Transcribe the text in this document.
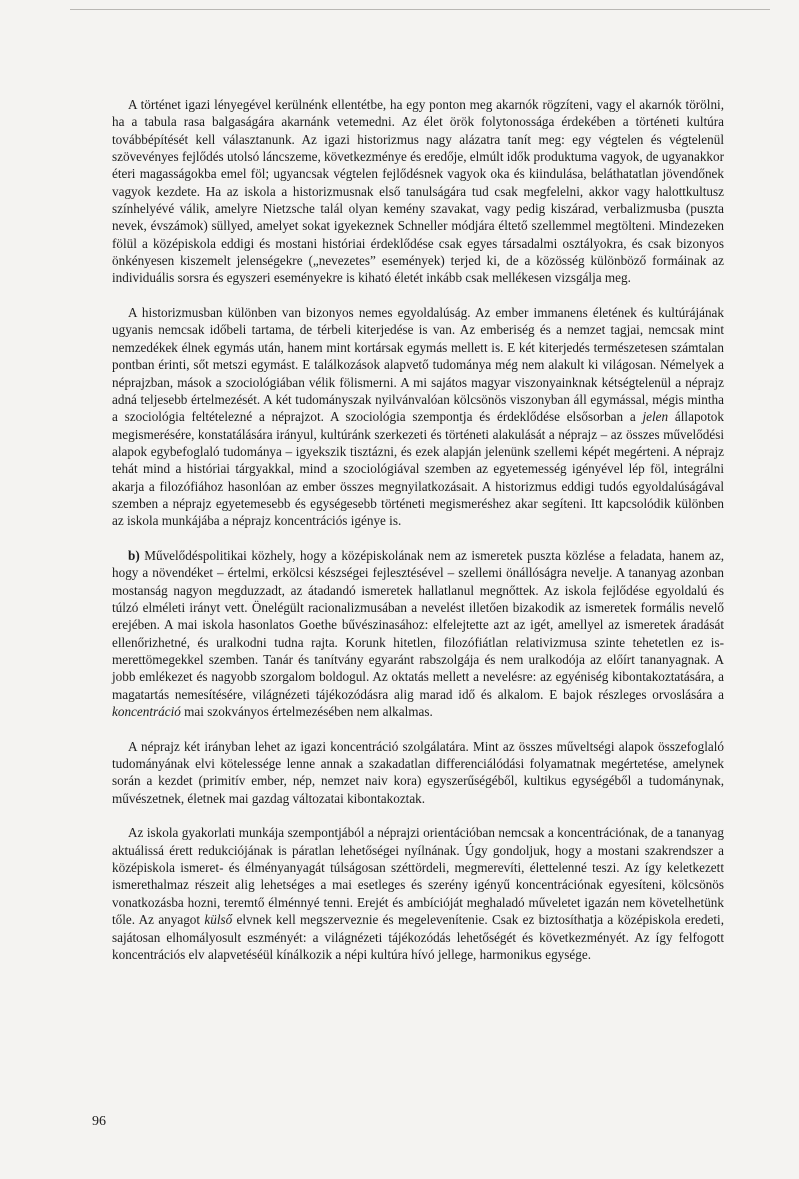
A történet igazi lényegével kerülnénk ellentétbe, ha egy ponton meg akarnók rögzíteni, vagy el akarnók törölni, ha a tabula rasa balgaságára akarnánk vetemedni. Az élet örök folytonossága érdekében a történeti kultúra továbbépítését kell választanunk. Az igazi historizmus nagy alázatra tanít meg: egy végtelen és végtelenül szövevényes fejlődés utolsó láncszeme, következménye és eredője, elmúlt idők produktuma vagyok, de ugyanakkor éteri magasságokba emel föl; ugyancsak végtelen fejlődésnek vagyok oka és kiindulása, beláthatatlan jövendőnek vagyok kezdete. Ha az iskola a historizmusnak első tanulságára tud csak megfelelni, akkor vagy halottkultusz színhelyévé válik, amelyre Nietzsche talál olyan kemény szavakat, vagy pedig kiszárad, verbalizmusba (puszta nevek, évszámok) süllyed, amelyet sokat igyekeznek Schneller módjára éltető szellemmel megtölteni. Mindezeken fölül a középiskola eddigi és mostani históriai érdeklődése csak egyes társadalmi osztályokra, és csak bizonyos önkényesen kiszemelt jelenségekre („nevezetes” események) terjed ki, de a közösség különböző formáinak az individuális sorsra és egyszeri eseményekre is kiható életét inkább csak mellékesen vizsgálja meg.

A historizmusban különben van bizonyos nemes egyoldalúság. Az ember immanens életének és kultúrájának ugyanis nemcsak időbeli tartama, de térbeli kiterjedése is van. Az emberiség és a nemzet tagjai, nemcsak mint nemzedékek élnek egymás után, hanem mint kortársak egymás mellett is. E két kiterjedés természetesen számtalan pontban érinti, sőt metszi egymást. E találkozások alapvető tudománya még nem alakult ki világosan. Némelyek a néprajzban, mások a szociológiában vélik fölismerni. A mi sajátos magyar viszonyainknak kétségtelenül a néprajz adná teljesebb értelmezését. A két tudományszak nyilvánvalóan kölcsönös viszonyban áll egymással, mégis mintha a szociológia feltételezné a néprajzot. A szociológia szempontja és érdeklődése elsősorban a jelen állapotok megismerésére, konstatálására irányul, kultúránk szerkezeti és történeti alakulását a néprajz – az összes művelődési alapok egybefoglaló tudománya – igyekszik tisztázni, és ezek alapján jelenünk szellemi képét megérteni. A néprajz tehát mind a históriai tárgyakkal, mind a szociológiával szemben az egyetemesség igényével lép föl, integrálni akarja a filozófiához hasonlóan az ember összes megnyilatkozásait. A historizmus eddigi tudós egyoldalúságával szemben a néprajz egyetemesebb és egységesebb történeti megismeréshez akar segíteni. Itt kapcsolódik különben az iskola munkájába a néprajz koncentrációs igénye is.

b) Művelődéspolitikai közhely, hogy a középiskolának nem az ismeretek puszta közlése a feladata, hanem az, hogy a növendéket – értelmi, erkölcsi készségei fejlesztésével – szellemi önállóságra nevelje. A tananyag azonban mostanság nagyon megduzzadt, az átadandó ismeretek hallatlanul megnőttek. Az iskola fejlődése egyoldalú és túlzó elméleti irányt vett. Önelégült racionalizmusában a nevelést illetően bizakodik az ismeretek formális nevelő erejében. A mai iskola hasonlatos Goethe bűvészinasához: elfelejtette azt az igét, amellyel az ismeretek áradását ellenőrizhetné, és uralkodni tudna rajta. Korunk hitetlen, filozófiátlan relativizmusa szinte tehetetlen ez ismerettömegekkel szemben. Tanár és tanítvány egyaránt rabszolgája és nem uralkodója az előírt tananyagnak. A jobb emlékezet és nagyobb szorgalom boldogul. Az oktatás mellett a nevelésre: az egyéniség kibontakoztatására, a magatartás nemesítésére, világnézeti tájékozódásra alig marad idő és alkalom. E bajok részleges orvoslására a koncentráció mai szokványos értelmezésében nem alkalmas.

A néprajz két irányban lehet az igazi koncentráció szolgálatára. Mint az összes műveltségi alapok összefoglaló tudományának elvi kötelessége lenne annak a szakadatlan differenciálódási folyamatnak megértetése, amelynek során a kezdet (primitív ember, nép, nemzet naiv kora) egyszerűségéből, kultikus egységéből a tudománynak, művészetnek, életnek mai gazdag változatai kibontakoztak.

Az iskola gyakorlati munkája szempontjából a néprajzi orientációban nemcsak a koncentrációnak, de a tananyag aktuálissá érett redukciójának is páratlan lehetőségei nyílnának. Úgy gondoljuk, hogy a mostani szakrendszer a középiskola ismeret- és élményanyagát túlságosan széttördeli, megmerevíti, élettelenné teszi. Az így keletkezett ismerethalmaz részeit alig lehetséges a mai esetleges és szerény igényű koncentrációnak egyesíteni, kölcsönös vonatkozásba hozni, teremtő élménnyé tenni. Erejét és ambícióját meghaladó műveletet igazán nem követelhetünk tőle. Az anyagot külső elvnek kell megszerveznie és megelevenítenie. Csak ez biztosíthatja a középiskola eredeti, sajátosan elhomályosult eszményét: a világnézeti tájékozódás lehetőségét és következményét. Az így felfogott koncentrációs elv alapvetéséül kínálkozik a népi kultúra hívó jellege, harmonikus egysége.

96
